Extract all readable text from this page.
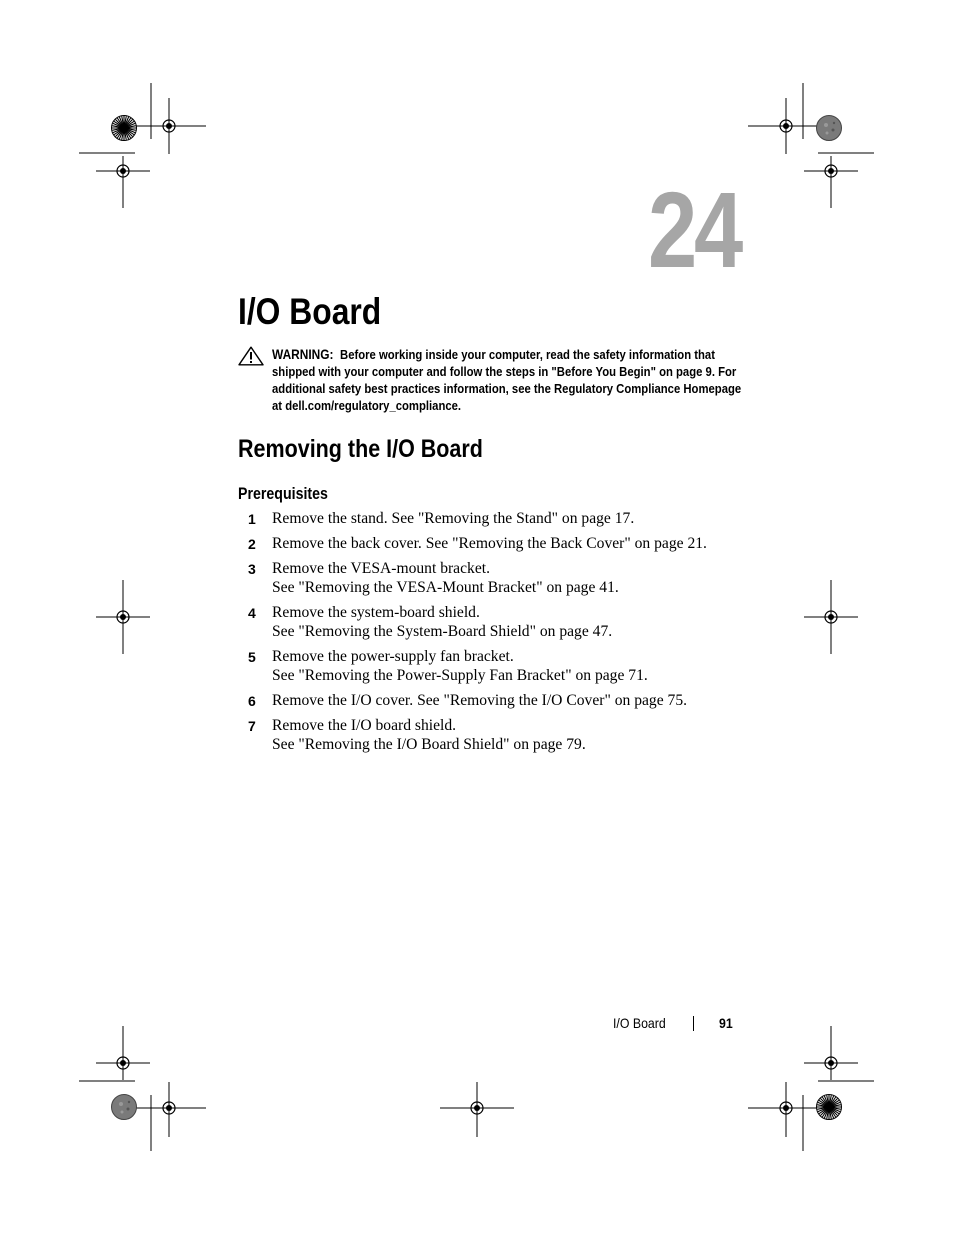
24
I/O Board
WARNING: Before working inside your computer, read the safety information that shipped with your computer and follow the steps in "Before You Begin" on page 9. For additional safety best practices information, see the Regulatory Compliance Homepage at dell.com/regulatory_compliance.
Removing the I/O Board
Prerequisites
1 Remove the stand. See "Removing the Stand" on page 17.
2 Remove the back cover. See "Removing the Back Cover" on page 21.
3 Remove the VESA-mount bracket.
See "Removing the VESA-Mount Bracket" on page 41.
4 Remove the system-board shield.
See "Removing the System-Board Shield" on page 47.
5 Remove the power-supply fan bracket.
See "Removing the Power-Supply Fan Bracket" on page 71.
6 Remove the I/O cover. See "Removing the I/O Cover" on page 75.
7 Remove the I/O board shield.
See "Removing the I/O Board Shield" on page 79.
I/O Board	91
